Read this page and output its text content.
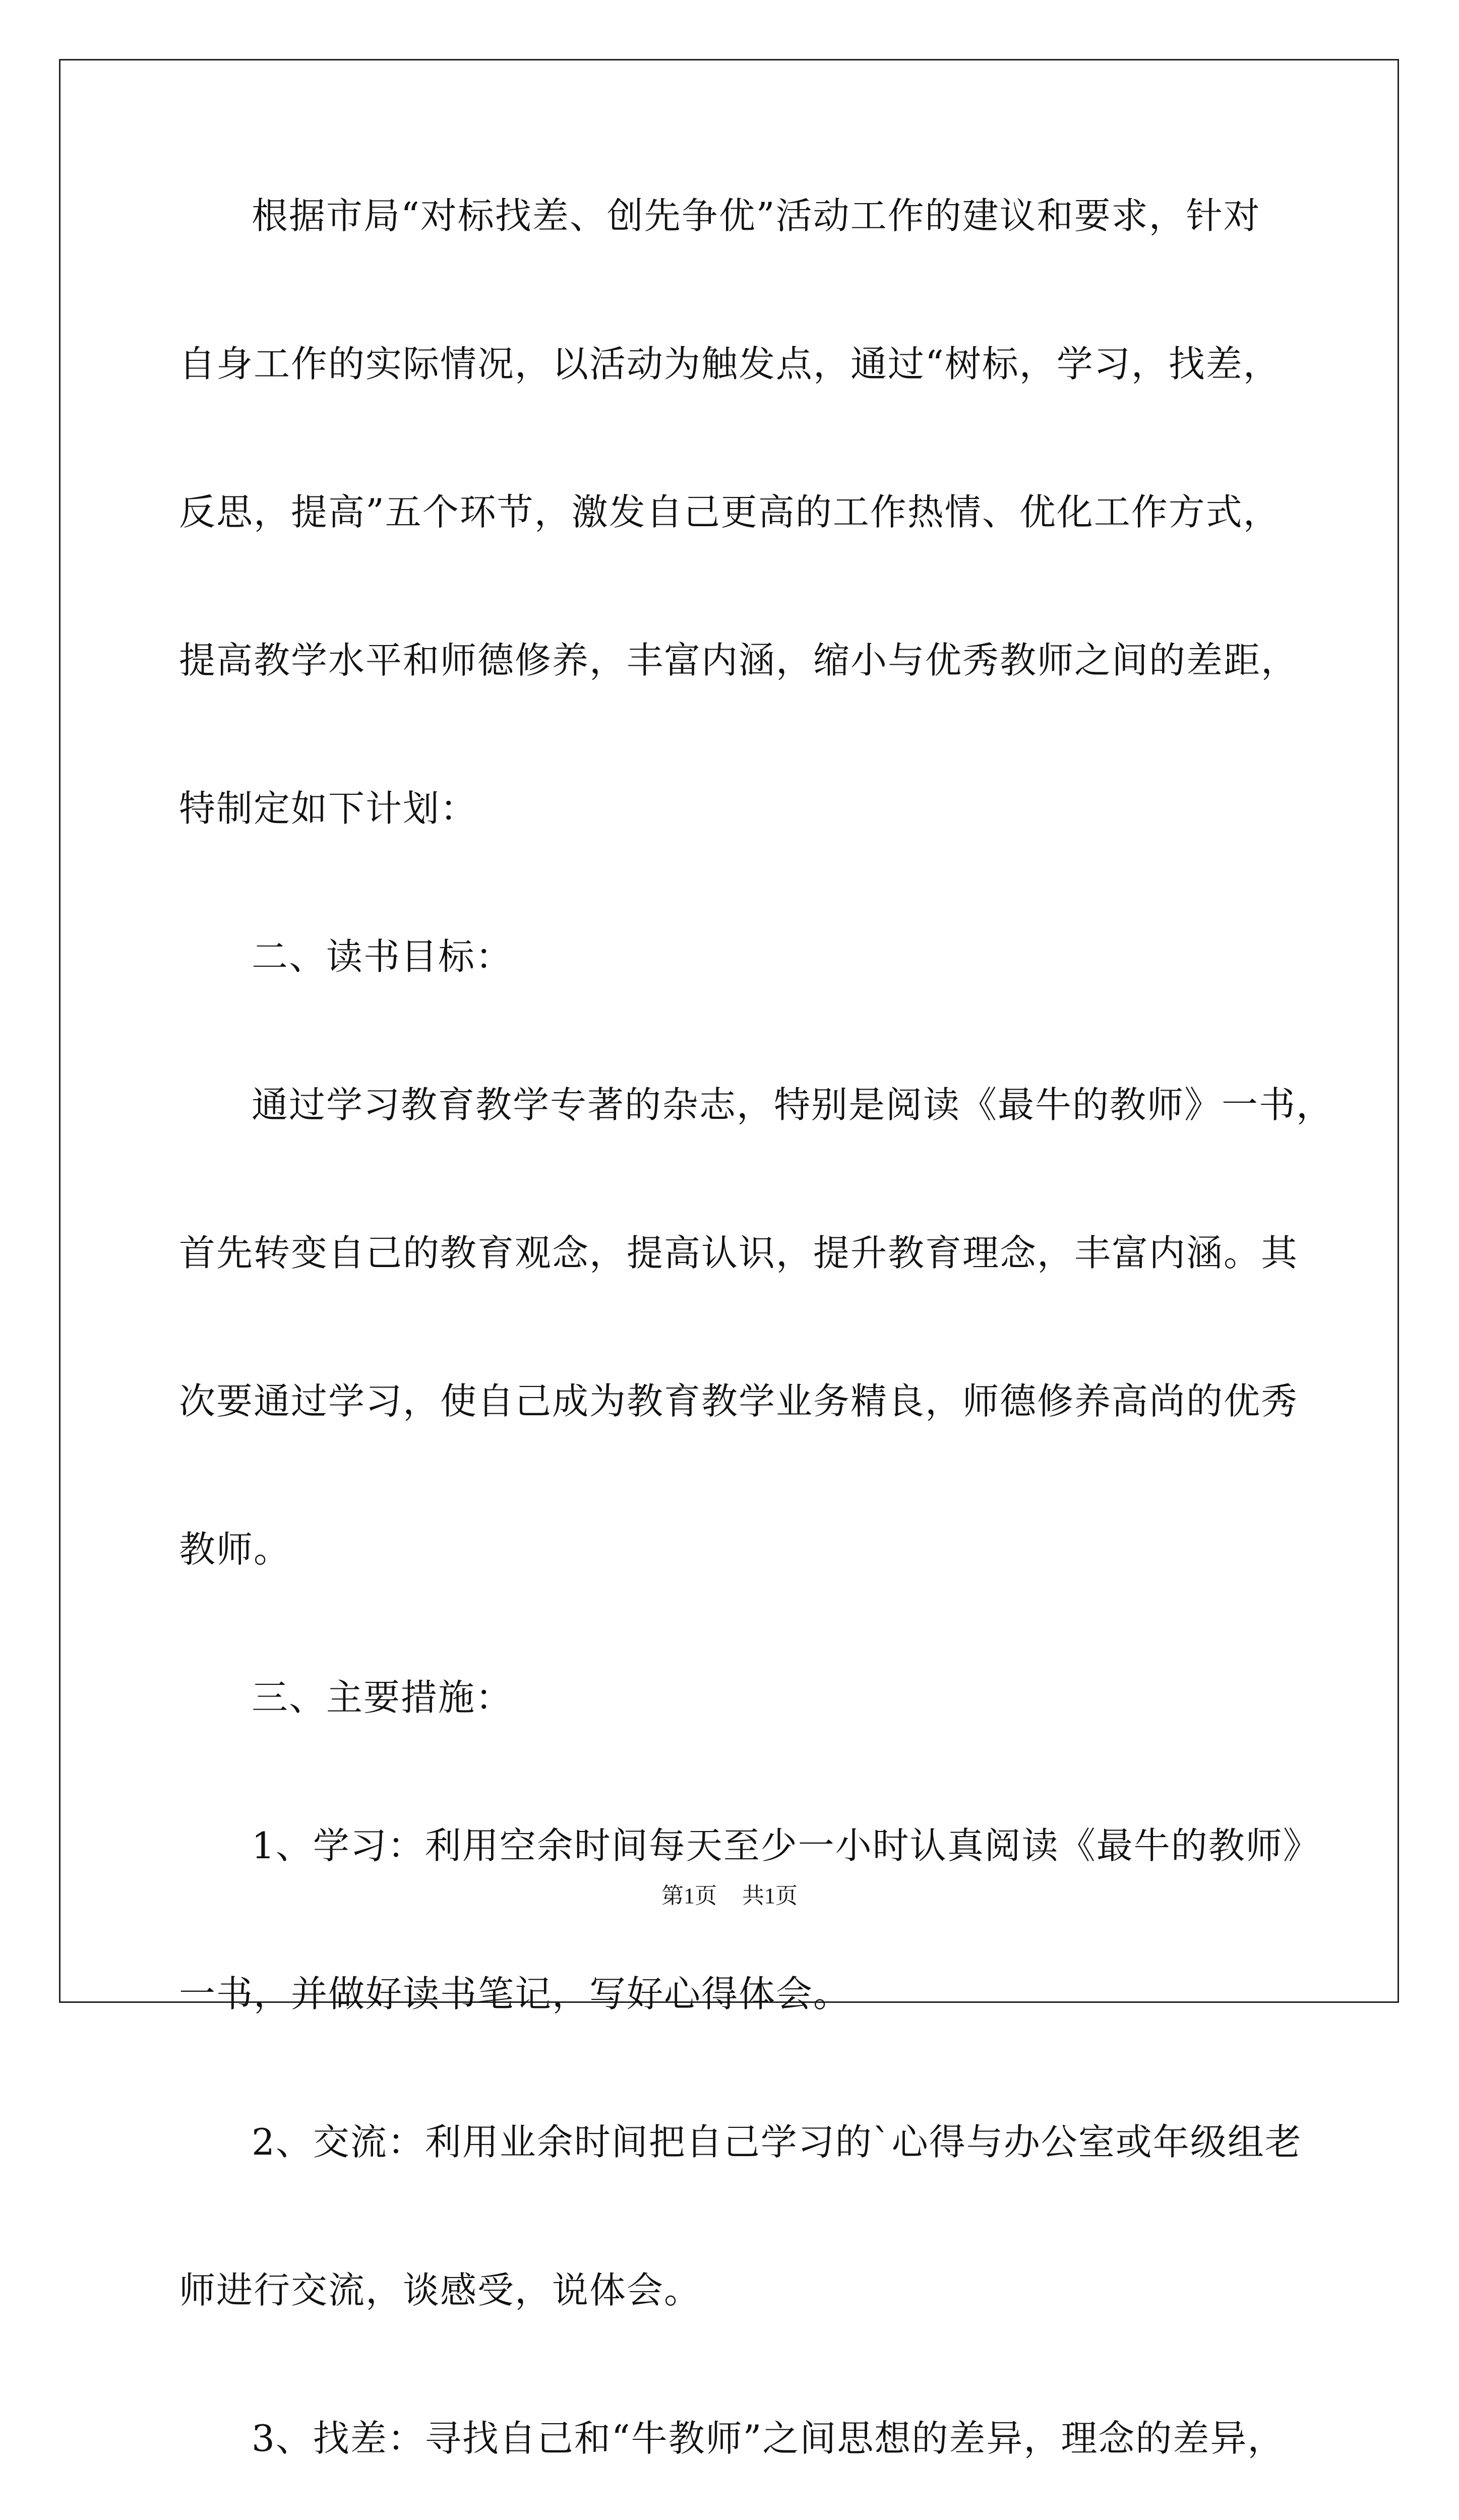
根据市局“对标找差、创先争优”活动工作的建议和要求，针对
自身工作的实际情况，以活动为触发点，通过“树标，学习，找差，
反思，提高”五个环节，激发自己更高的工作热情、优化工作方式，
提高教学水平和师德修养，丰富内涵，缩小与优秀教师之间的差距，
特制定如下计划：
二、读书目标：
通过学习教育教学专著的杂志，特别是阅读《最牛的教师》一书，
首先转变自己的教育观念，提高认识，提升教育理念，丰富内涵。其
次要通过学习，使自己成为教育教学业务精良，师德修养高尚的优秀
教师。
三、主要措施：
1、学习：利用空余时间每天至少一小时认真阅读《最牛的教师》
一书，并做好读书笔记，写好心得体会。
2、交流：利用业余时间把自己学习的`心得与办公室或年级组老
师进行交流，谈感受，说体会。
3、找差：寻找自己和“牛教师”之间思想的差异，理念的差异，
第1页 共1页
